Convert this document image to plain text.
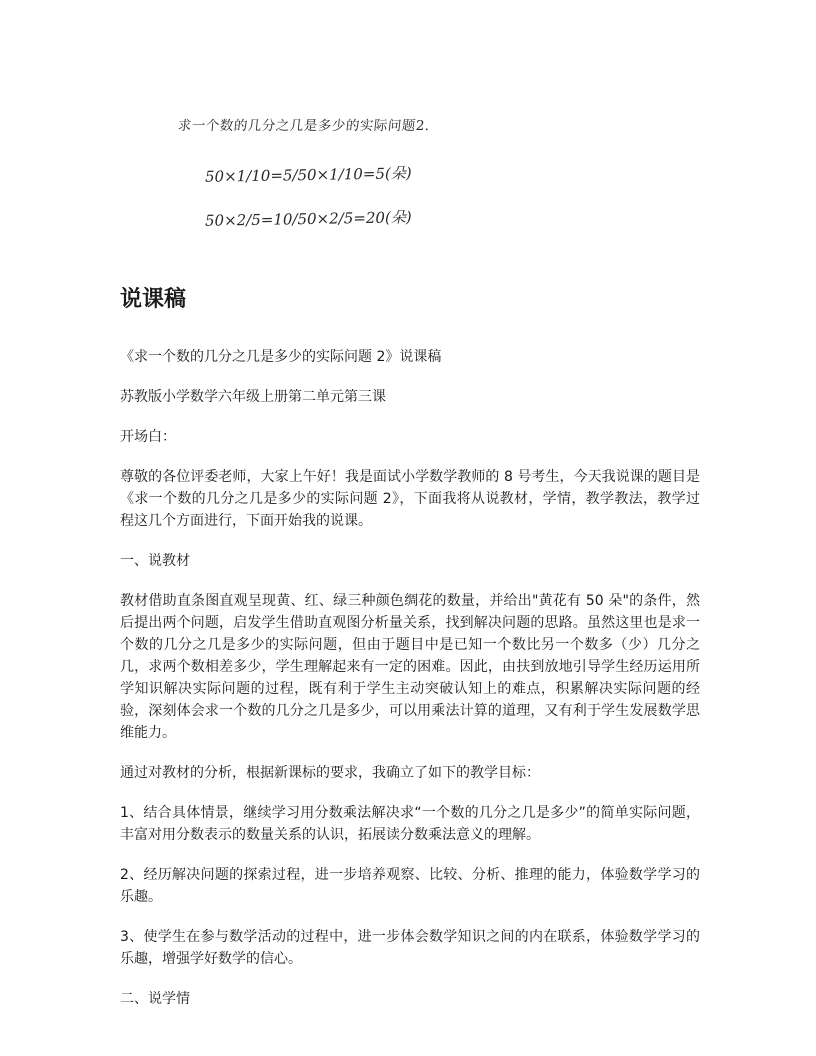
求一个数的几分之几是多少的实际问题2.
50×1/10=5/50×1/10=5(朵)
50×2/5=10/50×2/5=20(朵)
说课稿

《求一个数的几分之几是多少的实际问题 2》说课稿

苏教版小学数学六年级上册第二单元第三课

开场白：

尊敬的各位评委老师，大家上午好！我是面试小学数学教师的 8 号考生，今天我说课的题目是《求一个数的几分之几是多少的实际问题 2》，下面我将从说教材，学情，教学教法，教学过程这几个方面进行，下面开始我的说课。

一、说教材

教材借助直条图直观呈现黄、红、绿三种颜色绸花的数量，并给出"黄花有 50 朵"的条件，然后提出两个问题，启发学生借助直观图分析量关系，找到解决问题的思路。虽然这里也是求一个数的几分之几是多少的实际问题，但由于题目中是已知一个数比另一个数多（少）几分之几，求两个数相差多少，学生理解起来有一定的困难。因此，由扶到放地引导学生经历运用所学知识解决实际问题的过程，既有利于学生主动突破认知上的难点，积累解决实际问题的经验，深刻体会求一个数的几分之几是多少，可以用乘法计算的道理，又有利于学生发展数学思维能力。

通过对教材的分析，根据新课标的要求，我确立了如下的教学目标：

1、结合具体情景，继续学习用分数乘法解决求“一个数的几分之几是多少”的简单实际问题，丰富对用分数表示的数量关系的认识，拓展读分数乘法意义的理解。

2、经历解决问题的探索过程，进一步培养观察、比较、分析、推理的能力，体验数学学习的乐趣。

3、使学生在参与数学活动的过程中，进一步体会数学知识之间的内在联系，体验数学学习的乐趣，增强学好数学的信心。

二、说学情
